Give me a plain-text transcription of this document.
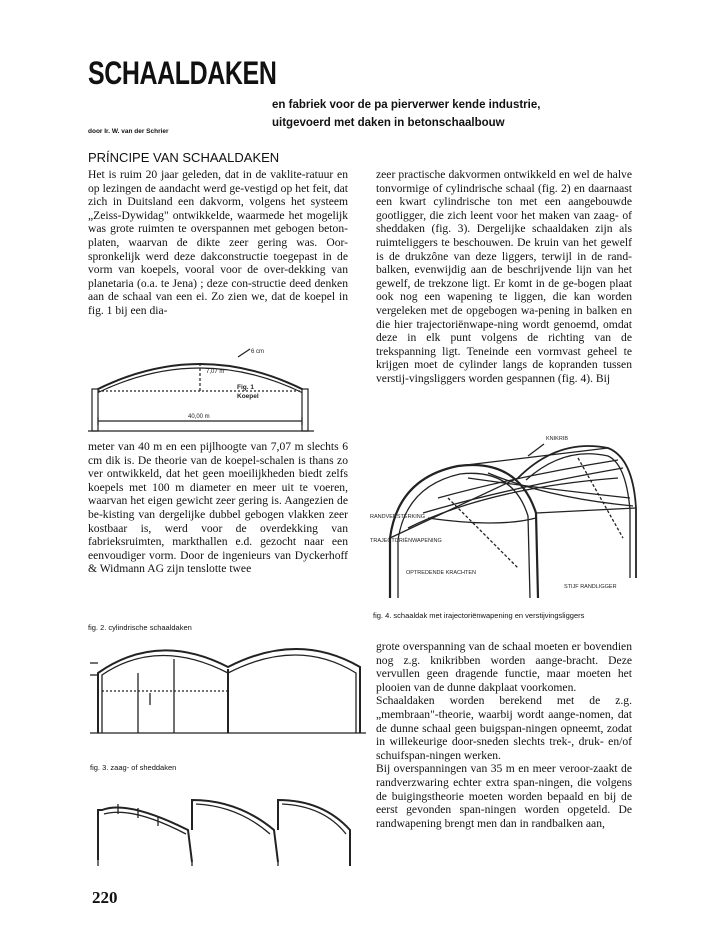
SCHAALDAKEN
en fabriek voor de pa pierverwer kende industrie,
uitgevoerd met daken in betonschaalbouw
door Ir. W. van der Schrier
PRÍNCIPE VAN SCHAALDAKEN

Het is ruim 20 jaar geleden, dat in de vaklite-ratuur en op lezingen de aandacht werd ge-vestigd op het feit, dat zich in Duitsland een dakvorm, volgens het systeem „Zeiss-Dywidag" ontwikkelde, waarmede het mogelijk was grote ruimten te overspannen met gebogen beton-platen, waarvan de dikte zeer gering was. Oor-spronkelijk werd deze dakconstructie toegepast in de vorm van koepels, vooral voor de over-dekking van planetaria (o.a. te Jena) ; deze con-structie deed denken aan de schaal van een ei. Zo zien we, dat de koepel in fig. 1 bij een dia-

6 cm
7,07 m
40,00 m
Fig. 1
Koepel

zeer practische dakvormen ontwikkeld en wel de halve tonvormige of cylindrische schaal (fig. 2) en daarnaast een kwart cylindrische ton met een aangebouwde gootligger, die zich leent voor het maken van zaag- of sheddaken (fig. 3). Dergelijke schaaldaken zijn als ruimteliggers te beschouwen. De kruin van het gewelf is de drukzône van deze liggers, terwijl in de rand-balken, evenwijdig aan de beschrijvende lijn van het gewelf, de trekzone ligt. Er komt in de ge-bogen plaat ook nog een wapening te liggen, die kan worden vergeleken met de opgebogen wa-pening in balken en die hier trajectoriënwape-ning wordt genoemd, omdat deze in elk punt volgens de richting van de trekspanning ligt. Teneinde een vormvast geheel te krijgen moet de cylinder langs de kopranden tussen verstij-vingsliggers worden gespannen (fig. 4). Bij

meter van 40 m en een pijlhoogte van 7,07 m slechts 6 cm dik is. De theorie van de koepel-schalen is thans zo ver ontwikkeld, dat het geen moeilijkheden biedt zelfs koepels met 100 m diameter en meer uit te voeren, waarvan het eigen gewicht zeer gering is. Aangezien de be-kisting van dergelijke dubbel gebogen vlakken zeer kostbaar is, werd voor de overdekking van fabrieksruimten, markthallen e.d. gezocht naar een eenvoudiger vorm. Door de ingenieurs van Dyckerhoff & Widmann AG zijn tenslotte twee

KNIKRIB
RANDVERSTERKING
TRAJECTORIËNWAPENING
OPTREDENDE KRACHTEN
STIJF RANDLIGGER
fig. 4. schaaldak met irajectoriënwapening en verstijvingsliggers
fig. 2. cylindrische schaaldaken

grote overspanning van de schaal moeten er bovendien nog z.g. knikribben worden aange-bracht. Deze vervullen geen dragende functie, maar moeten het plooien van de dunne dakplaat voorkomen.

Schaaldaken worden berekend met de z.g. „membraan"-theorie, waarbij wordt aange-nomen, dat de dunne schaal geen buigspan-ningen opneemt, zodat in willekeurige door-sneden slechts trek-, druk- en/of schuifspan-ningen werken.

Bij overspanningen van 35 m en meer veroor-zaakt de randverzwaring echter extra span-ningen, die volgens de buigingstheorie moeten worden bepaald en bij de eerst gevonden span-ningen worden opgeteld. De randwapening brengt men dan in randbalken aan,

fig. 3. zaag- of sheddaken
220
